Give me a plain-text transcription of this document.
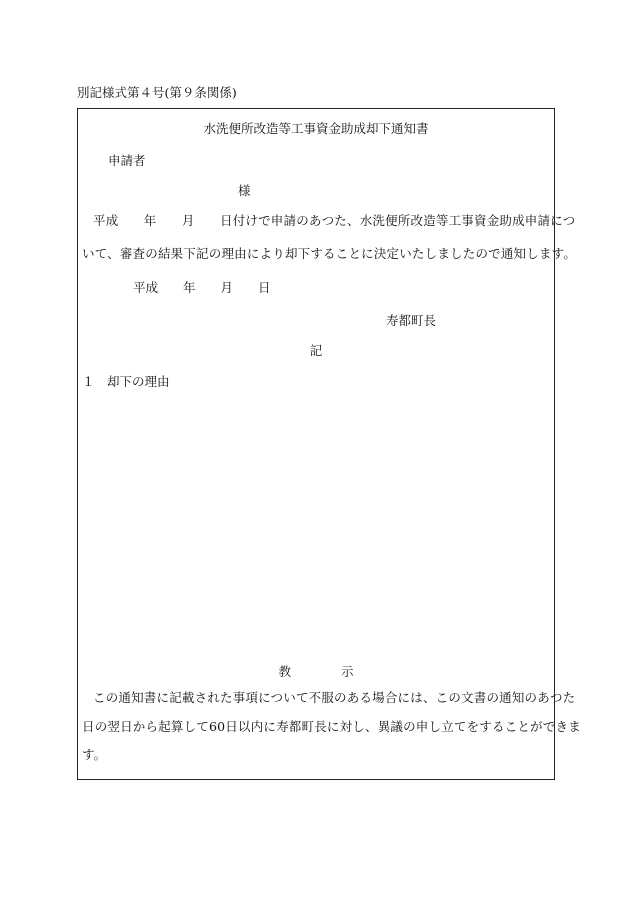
別記様式第４号(第９条関係)
水洗便所改造等工事資金助成却下通知書
申請者
様
平成　　年　　月　　日付けで申請のあつた、水洗便所改造等工事資金助成申請につ
いて、審査の結果下記の理由により却下することに決定いたしましたので通知します。
平成　　年　　月　　日
寿都町長
記
１　却下の理由
教　　　　示
この通知書に記載された事項について不服のある場合には、この文書の通知のあつた
日の翌日から起算して60日以内に寿都町長に対し、異議の申し立てをすることができま
す。
